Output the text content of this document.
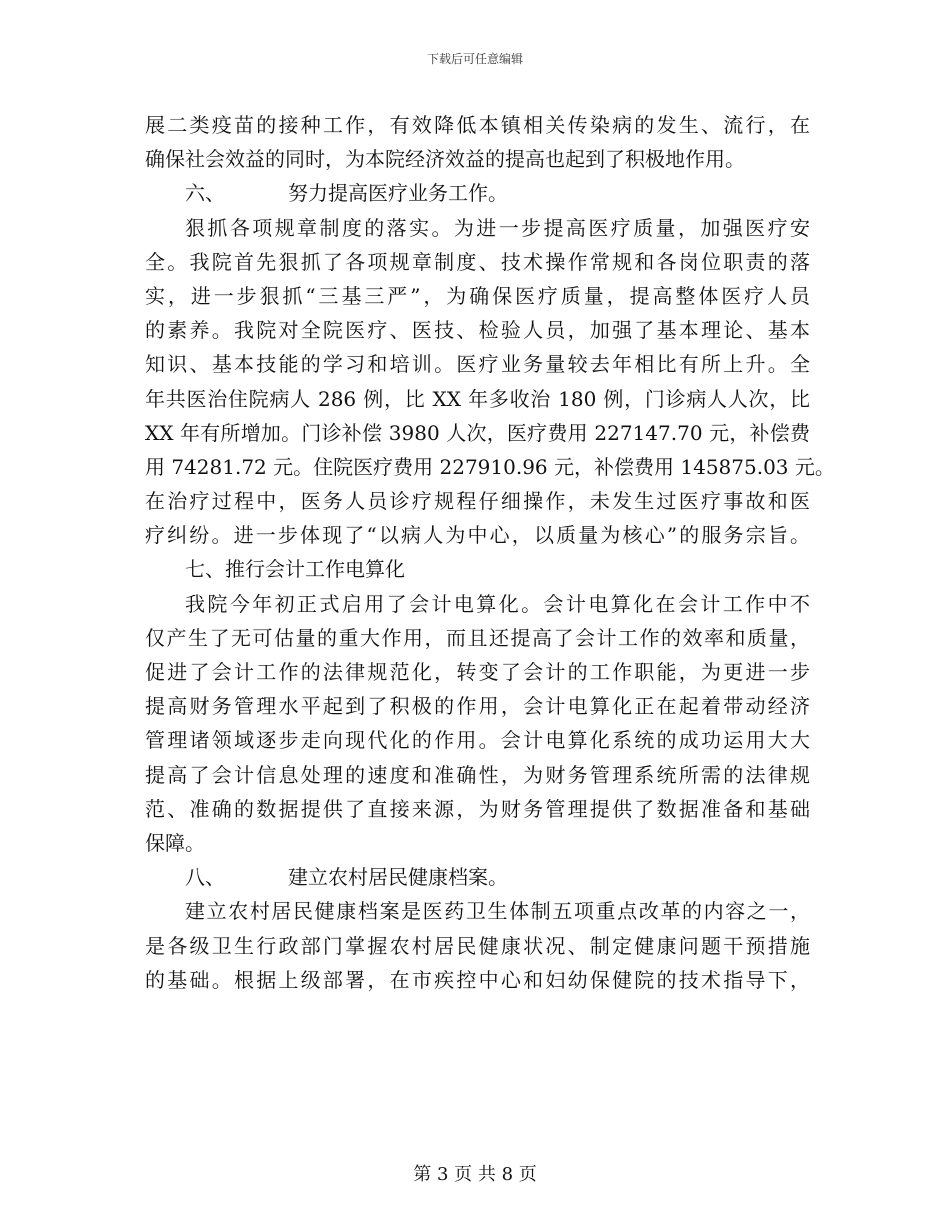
下载后可任意编辑
展二类疫苗的接种工作，有效降低本镇相关传染病的发生、流行，在
确保社会效益的同时，为本院经济效益的提高也起到了积极地作用。
六、	努力提高医疗业务工作。
狠抓各项规章制度的落实。为进一步提高医疗质量，加强医疗安
全。我院首先狠抓了各项规章制度、技术操作常规和各岗位职责的落
实，进一步狠抓“三基三严”，为确保医疗质量，提高整体医疗人员
的素养。我院对全院医疗、医技、检验人员，加强了基本理论、基本
知识、基本技能的学习和培训。医疗业务量较去年相比有所上升。全
年共医治住院病人 286 例，比 XX 年多收治 180 例，门诊病人人次，比
XX 年有所增加。门诊补偿 3980 人次，医疗费用 227147.70 元，补偿费
用 74281.72 元。住院医疗费用 227910.96 元，补偿费用 145875.03 元。
在治疗过程中，医务人员诊疗规程仔细操作，未发生过医疗事故和医
疗纠纷。进一步体现了“以病人为中心，以质量为核心”的服务宗旨。
七、推行会计工作电算化
我院今年初正式启用了会计电算化。会计电算化在会计工作中不
仅产生了无可估量的重大作用，而且还提高了会计工作的效率和质量，
促进了会计工作的法律规范化，转变了会计的工作职能，为更进一步
提高财务管理水平起到了积极的作用，会计电算化正在起着带动经济
管理诸领域逐步走向现代化的作用。会计电算化系统的成功运用大大
提高了会计信息处理的速度和准确性，为财务管理系统所需的法律规
范、准确的数据提供了直接来源，为财务管理提供了数据准备和基础
保障。
八、	建立农村居民健康档案。
建立农村居民健康档案是医药卫生体制五项重点改革的内容之一，
是各级卫生行政部门掌握农村居民健康状况、制定健康问题干预措施
的基础。根据上级部署，在市疾控中心和妇幼保健院的技术指导下，
第 3 页 共 8 页
